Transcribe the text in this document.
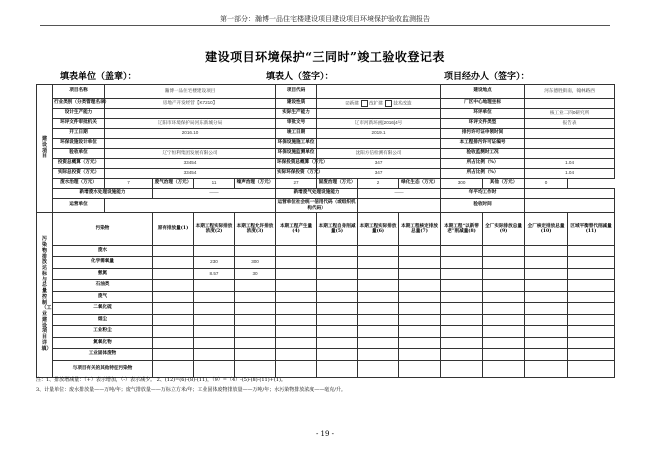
第一部分：瀚博一品住宅楼建设项目建设项目环境保护验收监测报告
建设项目环境保护“三同时”竣工验收登记表
填表单位（盖章）：	填表人（签字）：	项目经办人（签字）：
建设项目	项目名称	瀚博一品住宅楼建设项目				项目代码				建设地点		河东德胜街南，翰林路西		
	行业类别（分类管理名录）	房地产开发经营【K7210】				建设性质	☑新建 改扩建 技术改造			厂区中心地理坐标				
	设计生产能力					实际生产能力				环评单位		核工业二四0研究所		
	环评文件审批机关	辽阳市环境保护局河东新城分局				审批文号	辽市河新环函[2016]4号			环评文件类型		报告表		
	开工日期	2016.10				竣工日期	2019.1			排污许可证申领时间				
	环保设施设计单位					环保设施施工单位				本工程排污许可证编号				
	验收单位	辽宁恒利集团发展有限公司				环保设施监测单位	沈阳方信检测有限公司			验收监测时工况				
	投资总概算（万元）	33454				环保投资总概算（万元）	347			所占比例（%）		1.04		
	实际总投资（万元）	33454				实际环保投资（万元）	347			所占比例（%）		1.04		
	废水治理（万元）	7	废气治理（万元）	11	噪声治理（万元）	27	固废治理（万元）	2	绿化生态（万元）	300	其他（万元）	0		
	新增废水处理设施能力		——			新增废气处理设施能力		——		年平均工作时				
	运营单位					运营单位社会统一信用代码（或组织机构代码）				验收时间				
污染物排放达标与总量控制（工业建设项目详填）	污染物		原有排放量(1)	本期工程实际排放浓度(2)	本期工程允许排放浓度(3)	本期工程产生量(4)	本期工程自身削减量(5)	本期工程实际排放量(6)	本期工程核定排放总量(7)	本期工程“以新带老”削减量(8)	全厂实际排放总量(9)	全厂核定排放总量(10)	区域平衡替代削减量(11)	
	废水													
	化学需氧量			230	300									
	氨氮			8.57	30									
	石油类													
	废气													
	二氧化硫													
	烟尘													
	工业粉尘													
	氮氧化物													
	工业固体废物													
	与项目有关的其他特征污染物													
注：1、排放增减量：（+）表示增加，（-）表示减少。 2、(12)=(6)-(8)-(11)，（9）=（4）-(5)-(8)-(11)+(1)。
3、计量单位：废水排放量——万吨/年；废气排放量——万标立方米/年；工业固体废物排放量——万吨/年；水污染物排放浓度——毫克/升。
- 19 -
